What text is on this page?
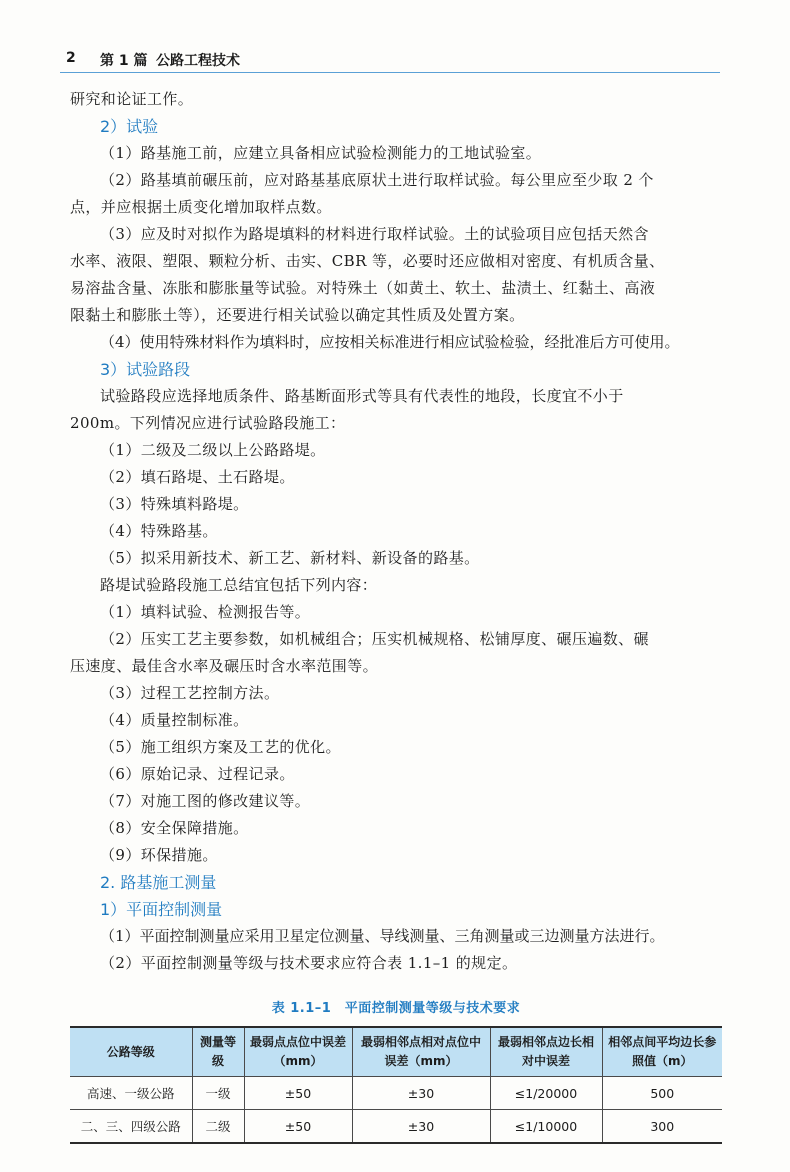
2 第 1 篇 公路工程技术

研究和论证工作。

2）试验

（1）路基施工前，应建立具备相应试验检测能力的工地试验室。

（2）路基填前碾压前，应对路基基底原状土进行取样试验。每公里应至少取 2 个

点，并应根据土质变化增加取样点数。

（3）应及时对拟作为路堤填料的材料进行取样试验。土的试验项目应包括天然含

水率、液限、塑限、颗粒分析、击实、CBR 等，必要时还应做相对密度、有机质含量、

易溶盐含量、冻胀和膨胀量等试验。对特殊土（如黄土、软土、盐渍土、红黏土、高液

限黏土和膨胀土等），还要进行相关试验以确定其性质及处置方案。

（4）使用特殊材料作为填料时，应按相关标准进行相应试验检验，经批准后方可使用。

3）试验路段

试验路段应选择地质条件、路基断面形式等具有代表性的地段，长度宜不小于

200m。下列情况应进行试验路段施工：

（1）二级及二级以上公路路堤。

（2）填石路堤、土石路堤。

（3）特殊填料路堤。

（4）特殊路基。

（5）拟采用新技术、新工艺、新材料、新设备的路基。

路堤试验路段施工总结宜包括下列内容：

（1）填料试验、检测报告等。

（2）压实工艺主要参数，如机械组合；压实机械规格、松铺厚度、碾压遍数、碾

压速度、最佳含水率及碾压时含水率范围等。

（3）过程工艺控制方法。

（4）质量控制标准。

（5）施工组织方案及工艺的优化。

（6）原始记录、过程记录。

（7）对施工图的修改建议等。

（8）安全保障措施。

（9）环保措施。

2. 路基施工测量

1）平面控制测量

（1）平面控制测量应采用卫星定位测量、导线测量、三角测量或三边测量方法进行。

（2）平面控制测量等级与技术要求应符合表 1.1–1 的规定。

表 1.1–1　平面控制测量等级与技术要求
公路等级	测量等级	最弱点点位中误差（mm）	最弱相邻点相对点位中误差（mm）	最弱相邻点边长相对中误差	相邻点间平均边长参照值（m）
高速、一级公路	一级	±50	±30	≤1/20000	500
二、三、四级公路	二级	±50	±30	≤1/10000	300
